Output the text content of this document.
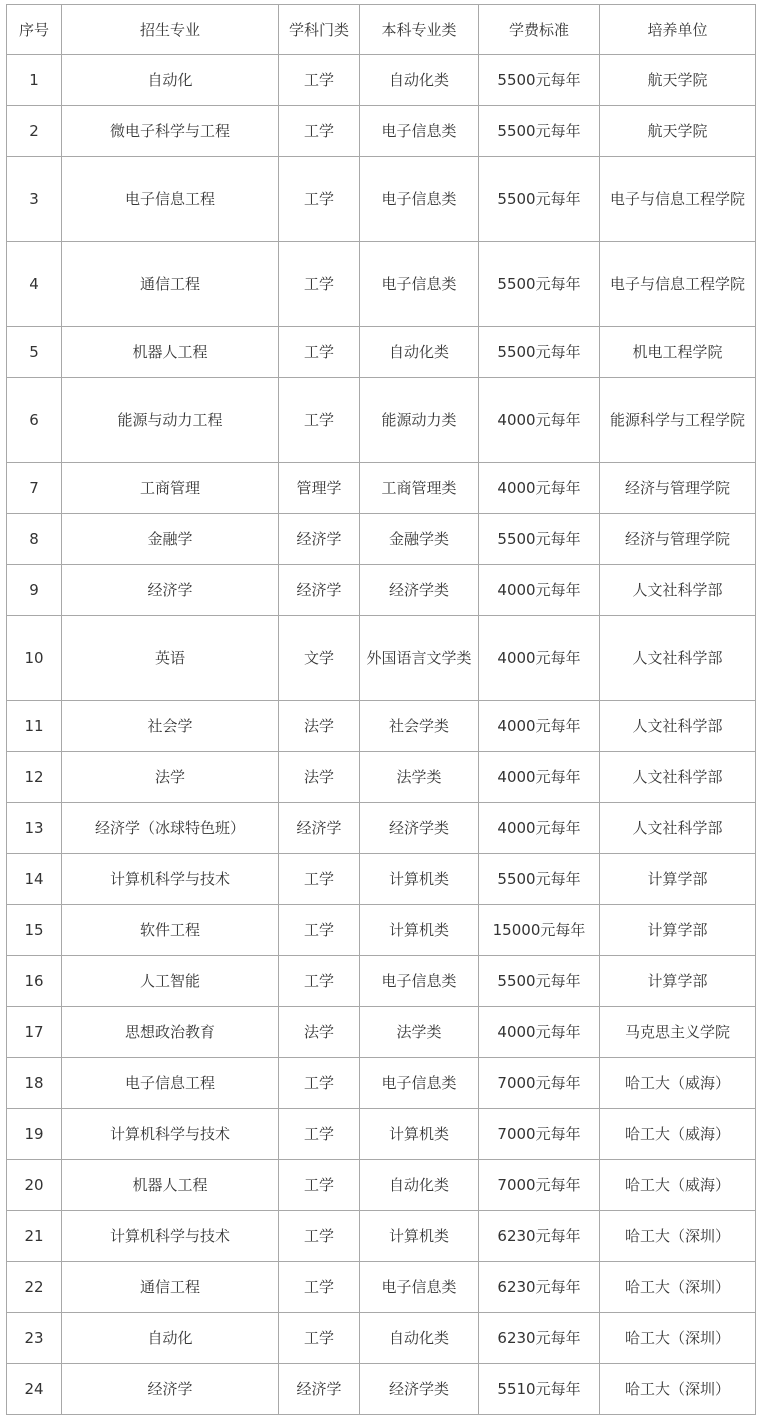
序号	招生专业	学科门类	本科专业类	学费标准	培养单位
1	自动化	工学	自动化类	5500元每年	航天学院
2	微电子科学与工程	工学	电子信息类	5500元每年	航天学院
3	电子信息工程	工学	电子信息类	5500元每年	电子与信息工程学院
4	通信工程	工学	电子信息类	5500元每年	电子与信息工程学院
5	机器人工程	工学	自动化类	5500元每年	机电工程学院
6	能源与动力工程	工学	能源动力类	4000元每年	能源科学与工程学院
7	工商管理	管理学	工商管理类	4000元每年	经济与管理学院
8	金融学	经济学	金融学类	5500元每年	经济与管理学院
9	经济学	经济学	经济学类	4000元每年	人文社科学部
10	英语	文学	外国语言文学类	4000元每年	人文社科学部
11	社会学	法学	社会学类	4000元每年	人文社科学部
12	法学	法学	法学类	4000元每年	人文社科学部
13	经济学（冰球特色班）	经济学	经济学类	4000元每年	人文社科学部
14	计算机科学与技术	工学	计算机类	5500元每年	计算学部
15	软件工程	工学	计算机类	15000元每年	计算学部
16	人工智能	工学	电子信息类	5500元每年	计算学部
17	思想政治教育	法学	法学类	4000元每年	马克思主义学院
18	电子信息工程	工学	电子信息类	7000元每年	哈工大（威海）
19	计算机科学与技术	工学	计算机类	7000元每年	哈工大（威海）
20	机器人工程	工学	自动化类	7000元每年	哈工大（威海）
21	计算机科学与技术	工学	计算机类	6230元每年	哈工大（深圳）
22	通信工程	工学	电子信息类	6230元每年	哈工大（深圳）
23	自动化	工学	自动化类	6230元每年	哈工大（深圳）
24	经济学	经济学	经济学类	5510元每年	哈工大（深圳）
